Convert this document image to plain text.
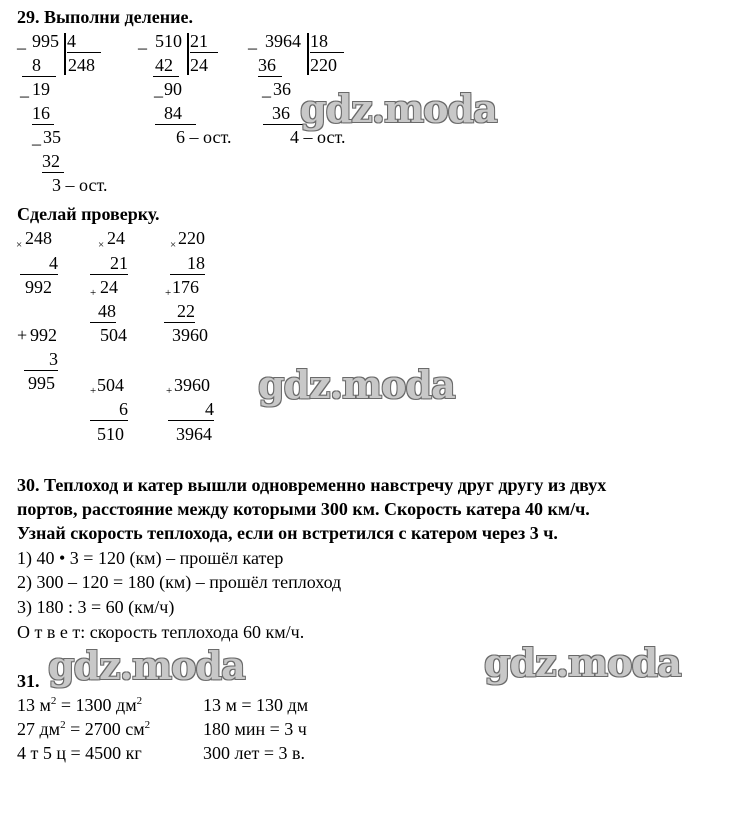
29. Выполни деление.
_ 995 4
248
8
_ 19
16
_ 35
32
3 – ост.
_ 510 21
24
42
_ 90
84
6 – ост.
_ 3964 18
220
36
_ 36
36
4 – ост.
Сделай проверку.
× 248
4
992
+ 992
3
995
× 24
21
+ 24
48
504
+ 504
6
510
× 220
18
+ 176
22
3960
+ 3960
4
3964
30. Теплоход и катер вышли одновременно навстречу друг другу из двух
портов, расстояние между которыми 300 км. Скорость катера 40 км/ч.
Узнай скорость теплохода, если он встретился с катером через 3 ч.
1) 40 • 3 = 120 (км) – прошёл катер
2) 300 – 120 = 180 (км) – прошёл теплоход
3) 180 : 3 = 60 (км/ч)
О т в е т: скорость теплохода 60 км/ч.
31.
13 $м^2 = 1300$ $дм^2$	13 м = 130 дм
27 $дм^2 = 2700$ $см^2$	180 мин = 3 ч
4 т 5 ц = 4500 кг	300 лет = 3 в.
gdz.moda
gdz.moda
gdz.moda	gdz.moda
